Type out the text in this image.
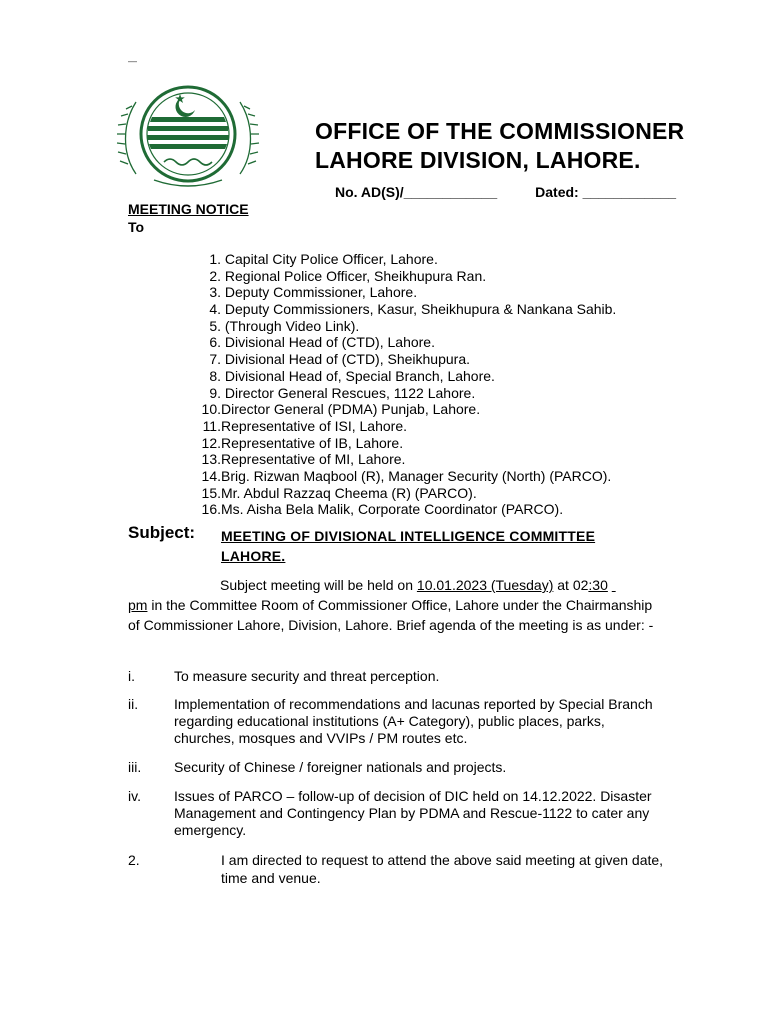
—
OFFICE OF THE COMMISSIONER
LAHORE DIVISION, LAHORE.
No. AD(S)/____________	Dated: ____________
MEETING NOTICE
To
1. Capital City Police Officer, Lahore.
2. Regional Police Officer, Sheikhupura Ran.
3. Deputy Commissioner, Lahore.
4. Deputy Commissioners, Kasur, Sheikhupura & Nankana Sahib.
5. (Through Video Link).
6. Divisional Head of (CTD), Lahore.
7. Divisional Head of (CTD), Sheikhupura.
8. Divisional Head of, Special Branch, Lahore.
9. Director General Rescues, 1122 Lahore.
10.Director General (PDMA) Punjab, Lahore.
11.Representative of ISI, Lahore.
12.Representative of IB, Lahore.
13.Representative of MI, Lahore.
14.Brig. Rizwan Maqbool (R), Manager Security (North) (PARCO).
15.Mr. Abdul Razzaq Cheema (R) (PARCO).
16.Ms. Aisha Bela Malik, Corporate Coordinator (PARCO).
Subject: MEETING OF DIVISIONAL INTELLIGENCE COMMITTEE
LAHORE.
Subject meeting will be held on 10.01.2023 (Tuesday) at 02:30
pm in the Committee Room of Commissioner Office, Lahore under the Chairmanship of Commissioner Lahore, Division, Lahore. Brief agenda of the meeting is as under: -
i.	To measure security and threat perception.
ii.	Implementation of recommendations and lacunas reported by Special Branch regarding educational institutions (A+ Category), public places, parks, churches, mosques and VVIPs / PM routes etc.
iii. Security of Chinese / foreigner nationals and projects.
iv. Issues of PARCO – follow-up of decision of DIC held on 14.12.2022. Disaster Management and Contingency Plan by PDMA and Rescue-1122 to cater any emergency.
2.	I am directed to request to attend the above said meeting at given date, time and venue.
